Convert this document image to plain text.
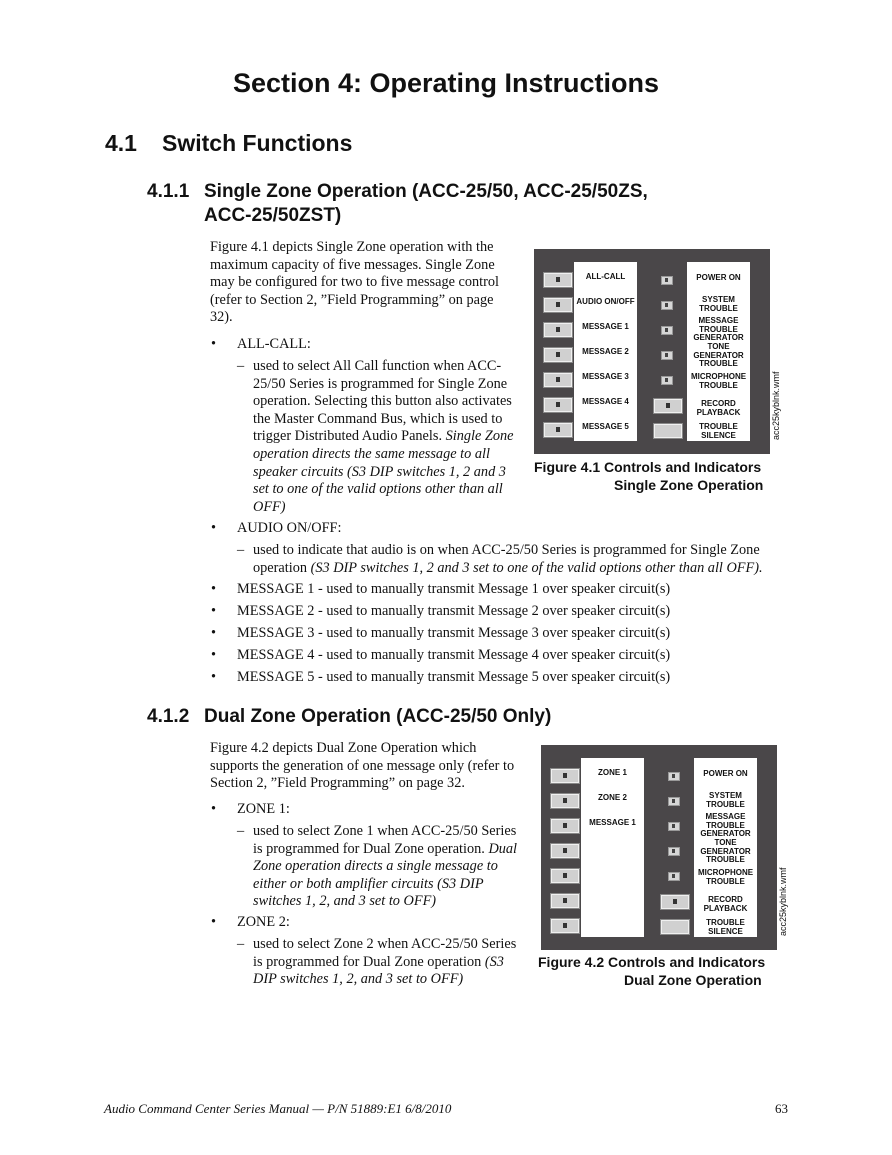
Section 4: Operating Instructions
4.1 Switch Functions
4.1.1 Single Zone Operation (ACC-25/50, ACC-25/50ZS,
ACC-25/50ZST)

Figure 4.1 depicts Single Zone operation with the maximum capacity of five messages. Single Zone may be configured for two to five message control (refer to Section 2, ”Field Programming” on page 32).

• ALL-CALL:

– used to select All Call function when ACC-25/50 Series is programmed for Single Zone operation. Selecting this button also activates the Master Command Bus, which is used to trigger Distributed Audio Panels. Single Zone operation directs the same message to all speaker circuits (S3 DIP switches 1, 2 and 3 set to one of the valid options other than all OFF)

• AUDIO ON/OFF:

– used to indicate that audio is on when ACC-25/50 Series is programmed for Single Zone operation (S3 DIP switches 1, 2 and 3 set to one of the valid options other than all OFF).

• MESSAGE 1 - used to manually transmit Message 1 over speaker circuit(s)

• MESSAGE 2 - used to manually transmit Message 2 over speaker circuit(s)

• MESSAGE 3 - used to manually transmit Message 3 over speaker circuit(s)

• MESSAGE 4 - used to manually transmit Message 4 over speaker circuit(s)

• MESSAGE 5 - used to manually transmit Message 5 over speaker circuit(s)

ALL-CALL
AUDIO ON/OFF
MESSAGE 1
MESSAGE 2
MESSAGE 3
MESSAGE 4
MESSAGE 5
POWER ON
SYSTEM TROUBLE
MESSAGE TROUBLE GENERATOR
TONE GENERATOR TROUBLE
MICROPHONE TROUBLE
RECORD PLAYBACK
TROUBLE SILENCE	acc25kyblnk.wmf
Figure 4.1 Controls and Indicators
Single Zone Operation
4.1.2 Dual Zone Operation (ACC-25/50 Only)

Figure 4.2 depicts Dual Zone Operation which supports the generation of one message only (refer to Section 2, ”Field Programming” on page 32.

• ZONE 1:

– used to select Zone 1 when ACC-25/50 Series is programmed for Dual Zone operation. Dual Zone operation directs a single message to either or both amplifier circuits (S3 DIP switches 1, 2, and 3 set to OFF)

• ZONE 2:

– used to select Zone 2 when ACC-25/50 Series is programmed for Dual Zone operation (S3 DIP switches 1, 2, and 3 set to OFF)

ZONE 1
ZONE 2
MESSAGE 1
POWER ON
SYSTEM TROUBLE
MESSAGE TROUBLE GENERATOR
TONE GENERATOR TROUBLE
MICROPHONE TROUBLE
RECORD PLAYBACK
TROUBLE SILENCE	acc25kyblnk.wmf
Figure 4.2 Controls and Indicators
Dual Zone Operation
Audio Command Center Series Manual — P/N 51889:E1 6/8/2010	63
